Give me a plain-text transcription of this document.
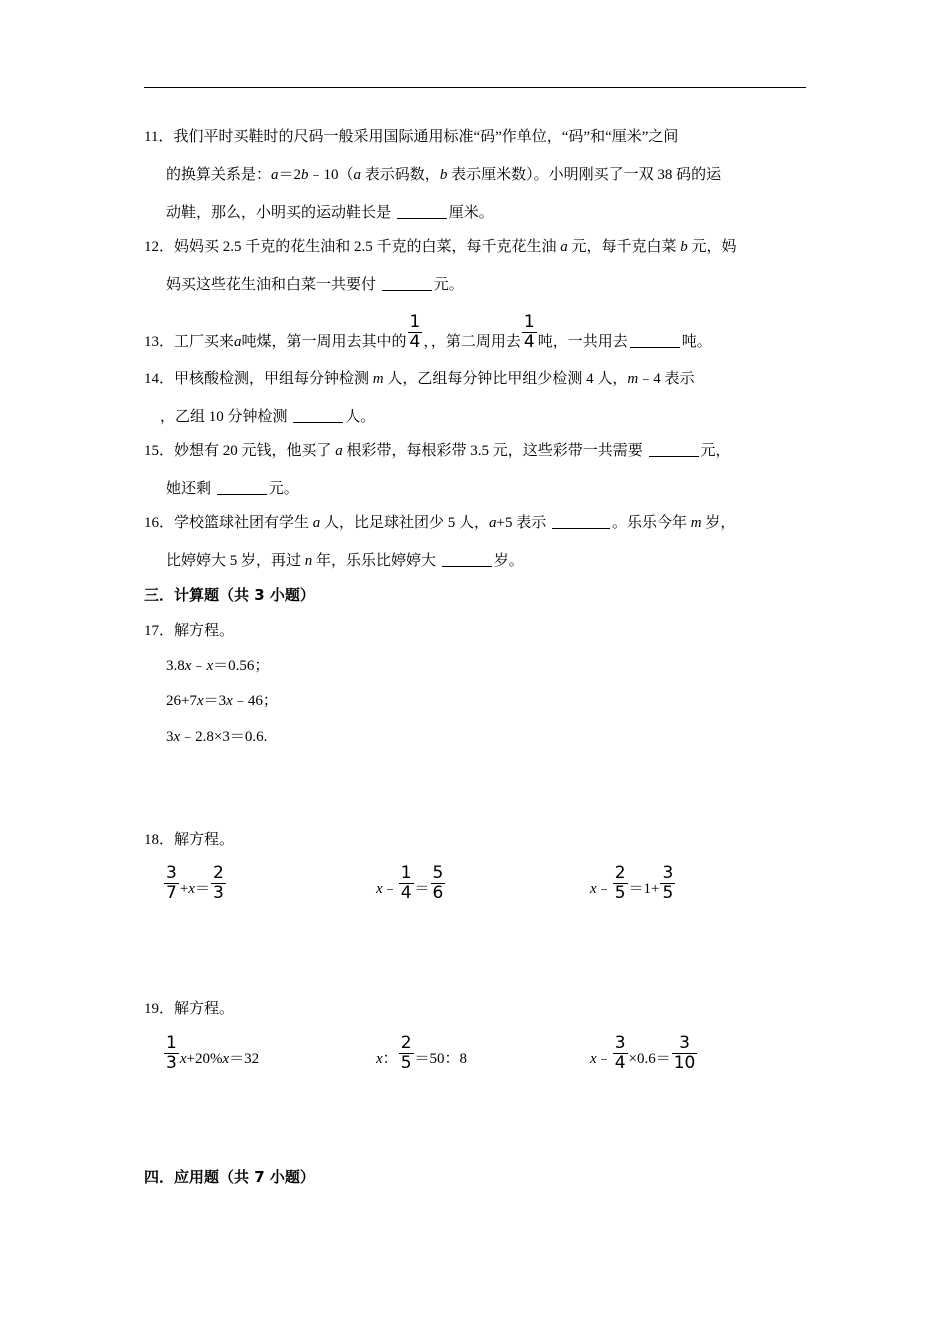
11．我们平时买鞋时的尺码一般采用国际通用标准“码”作单位，“码”和“厘米”之间
的换算关系是：a＝2b﹣10（a 表示码数，b 表示厘米数）。小明刚买了一双 38 码的运
动鞋，那么，小明买的运动鞋长是	厘米。
12．妈妈买 2.5 千克的花生油和 2.5 千克的白菜，每千克花生油 a 元，每千克白菜 b 元，妈
妈买这些花生油和白菜一共要付	元。
13．工厂买来a吨煤，第一周用去其中的 $\frac{1}{4}$ ，，第二周用去 $\frac{1}{4}$ 吨，一共用去	吨。
14．甲核酸检测，甲组每分钟检测 m 人，乙组每分钟比甲组少检测 4 人，m﹣4 表示
，乙组 10 分钟检测	人。
15．妙想有 20 元钱，他买了 a 根彩带，每根彩带 3.5 元，这些彩带一共需要	元，
她还剩	元。
16．学校篮球社团有学生 a 人，比足球社团少 5 人，a+5 表示	。乐乐今年 m 岁，
比婷婷大 5 岁，再过 n 年，乐乐比婷婷大	岁。
三．计算题（共 3 小题）
17．解方程。
3.8x﹣x＝0.56；
26+7x＝3x﹣46；
3x﹣2.8×3＝0.6.
18．解方程。
$\frac{3}{7} + x = \frac{2}{3}$	x ﹣ $\frac{1}{4} = \frac{5}{6}$	x ﹣ $\frac{2}{5} =1+ \frac{3}{5}$
19．解方程。
$\frac{1}{3}$ x +20% x ＝32	x ： $\frac{2}{5} =50$：8	x ﹣ $\frac{3}{4} \times 0.6= \frac{3}{10}$
四．应用题（共 7 小题）
